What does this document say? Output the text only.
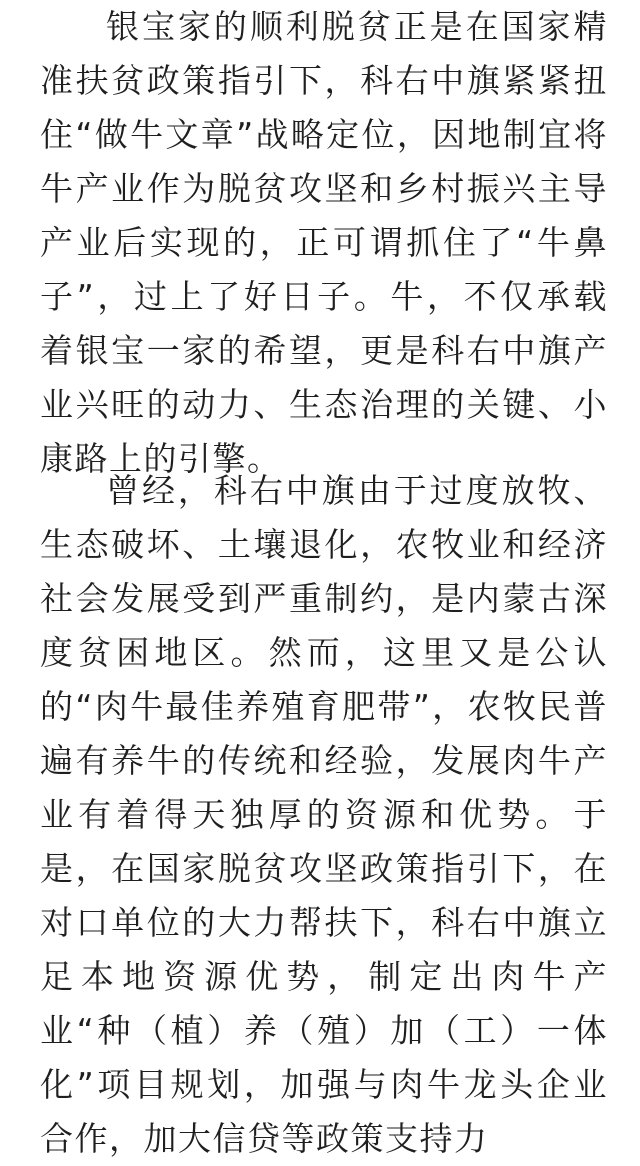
银宝家的顺利脱贫正是在国家精准扶贫政策指引下，科右中旗紧紧扭住“做牛文章”战略定位，因地制宜将牛产业作为脱贫攻坚和乡村振兴主导产业后实现的，正可谓抓住了“牛鼻子”，过上了好日子。牛，不仅承载着银宝一家的希望，更是科右中旗产业兴旺的动力、生态治理的关键、小康路上的引擎。

曾经，科右中旗由于过度放牧、生态破坏、土壤退化，农牧业和经济社会发展受到严重制约，是内蒙古深度贫困地区。然而，这里又是公认的“肉牛最佳养殖育肥带”，农牧民普遍有养牛的传统和经验，发展肉牛产业有着得天独厚的资源和优势。于是，在国家脱贫攻坚政策指引下，在对口单位的大力帮扶下，科右中旗立足本地资源优势，制定出肉牛产业“种（植）养（殖）加（工）一体化”项目规划，加强与肉牛龙头企业合作，加大信贷等政策支持力
